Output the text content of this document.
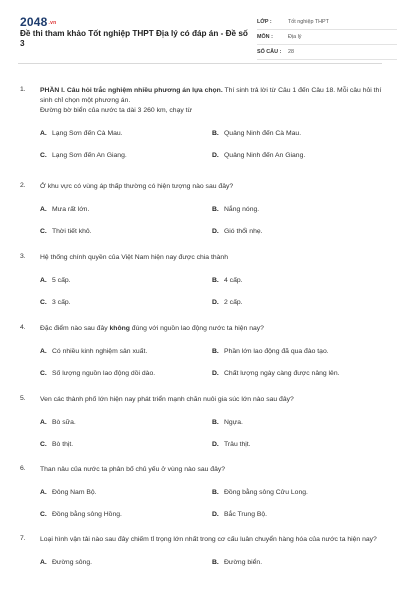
2048.vn
Đề thi tham khảo Tốt nghiệp THPT Địa lý có đáp án - Đề số 3
LỚP :	Tốt nghiệp THPT
MÔN :	Địa lý
SỐ CÂU :	28
1.	PHẦN I. Câu hỏi trắc nghiệm nhiều phương án lựa chọn. Thí sinh trả lời từ Câu 1 đến Câu 18. Mỗi câu hỏi thí sinh chỉ chọn một phương án.
Đường bờ biển của nước ta dài 3 260 km, chạy từ
A. Lạng Sơn đến Cà Mau.	B. Quảng Ninh đến Cà Mau.
C. Lạng Sơn đến An Giang.	D. Quảng Ninh đến An Giang.
2.	Ở khu vực có vùng áp thấp thường có hiện tượng nào sau đây?
A. Mưa rất lớn.	B. Nắng nóng.
C. Thời tiết khô.	D. Gió thổi nhẹ.
3.	Hệ thống chính quyền của Việt Nam hiện nay được chia thành
A. 5 cấp.	B. 4 cấp.
C. 3 cấp.	D. 2 cấp.
4.	Đặc điểm nào sau đây không đúng với nguồn lao động nước ta hiện nay?
A. Có nhiều kinh nghiệm sản xuất.	B. Phần lớn lao động đã qua đào tạo.
C. Số lượng nguồn lao động dồi dào.	D. Chất lượng ngày càng được nâng lên.
5.	Ven các thành phố lớn hiện nay phát triển mạnh chăn nuôi gia súc lớn nào sau đây?
A. Bò sữa.	B. Ngựa.
C. Bò thịt.	D. Trâu thịt.
6.	Than nâu của nước ta phân bố chủ yếu ở vùng nào sau đây?
A. Đông Nam Bộ.	B. Đồng bằng sông Cửu Long.
C. Đồng bằng sông Hồng.	D. Bắc Trung Bộ.
7.	Loại hình vận tải nào sau đây chiếm tỉ trọng lớn nhất trong cơ cấu luân chuyển hàng hóa của nước ta hiện nay?
A. Đường sông.	B. Đường biển.
